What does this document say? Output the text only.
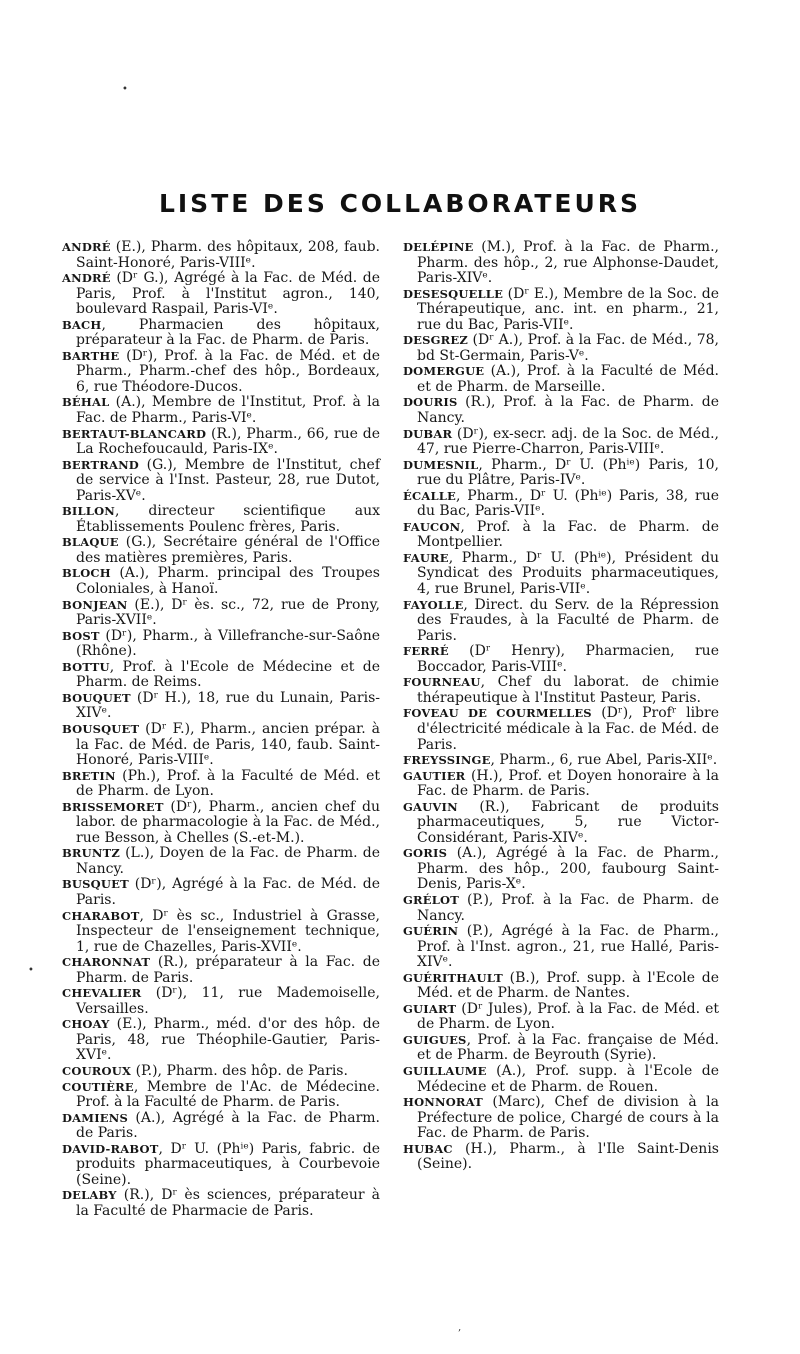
•
•
‚
LISTE DES COLLABORATEURS

ANDRÉ (E.), Pharm. des hôpitaux, 208, faub. Saint-Honoré, Paris-VIIIᵉ.

ANDRÉ (Dʳ G.), Agrégé à la Fac. de Méd. de Paris, Prof. à l'Institut agron., 140, boulevard Raspail, Paris-VIᵉ.

BACH, Pharmacien des hôpitaux, préparateur à la Fac. de Pharm. de Paris.

BARTHE (Dʳ), Prof. à la Fac. de Méd. et de Pharm., Pharm.-chef des hôp., Bordeaux, 6, rue Théodore-Ducos.

BÉHAL (A.), Membre de l'Institut, Prof. à la Fac. de Pharm., Paris-VIᵉ.

BERTAUT-BLANCARD (R.), Pharm., 66, rue de La Rochefoucauld, Paris-IXᵉ.

BERTRAND (G.), Membre de l'Institut, chef de service à l'Inst. Pasteur, 28, rue Dutot, Paris-XVᵉ.

BILLON, directeur scientifique aux Établissements Poulenc frères, Paris.

BLAQUE (G.), Secrétaire général de l'Office des matières premières, Paris.

BLOCH (A.), Pharm. principal des Troupes Coloniales, à Hanoï.

BONJEAN (E.), Dʳ ès. sc., 72, rue de Prony, Paris-XVIIᵉ.

BOST (Dʳ), Pharm., à Villefranche-sur-Saône (Rhône).

BOTTU, Prof. à l'Ecole de Médecine et de Pharm. de Reims.

BOUQUET (Dʳ H.), 18, rue du Lunain, Paris-XIVᵉ.

BOUSQUET (Dʳ F.), Pharm., ancien prépar. à la Fac. de Méd. de Paris, 140, faub. Saint-Honoré, Paris-VIIIᵉ.

BRETIN (Ph.), Prof. à la Faculté de Méd. et de Pharm. de Lyon.

BRISSEMORET (Dʳ), Pharm., ancien chef du labor. de pharmacologie à la Fac. de Méd., rue Besson, à Chelles (S.-et-M.).

BRUNTZ (L.), Doyen de la Fac. de Pharm. de Nancy.

BUSQUET (Dʳ), Agrégé à la Fac. de Méd. de Paris.

CHARABOT, Dʳ ès sc., Industriel à Grasse, Inspecteur de l'enseignement technique, 1, rue de Chazelles, Paris-XVIIᵉ.

CHARONNAT (R.), préparateur à la Fac. de Pharm. de Paris.

CHEVALIER (Dʳ), 11, rue Mademoiselle, Versailles.

CHOAY (E.), Pharm., méd. d'or des hôp. de Paris, 48, rue Théophile-Gautier, Paris-XVIᵉ.

COUROUX (P.), Pharm. des hôp. de Paris.

COUTIÈRE, Membre de l'Ac. de Médecine. Prof. à la Faculté de Pharm. de Paris.

DAMIENS (A.), Agrégé à la Fac. de Pharm. de Paris.

DAVID-RABOT, Dʳ U. (Phⁱᵉ) Paris, fabric. de produits pharmaceutiques, à Courbevoie (Seine).

DELABY (R.), Dʳ ès sciences, préparateur à la Faculté de Pharmacie de Paris.

DELÉPINE (M.), Prof. à la Fac. de Pharm., Pharm. des hôp., 2, rue Alphonse-Daudet, Paris-XIVᵉ.

DESESQUELLE (Dʳ E.), Membre de la Soc. de Thérapeutique, anc. int. en pharm., 21, rue du Bac, Paris-VIIᵉ.

DESGREZ (Dʳ A.), Prof. à la Fac. de Méd., 78, bd St-Germain, Paris-Vᵉ.

DOMERGUE (A.), Prof. à la Faculté de Méd. et de Pharm. de Marseille.

DOURIS (R.), Prof. à la Fac. de Pharm. de Nancy.

DUBAR (Dʳ), ex-secr. adj. de la Soc. de Méd., 47, rue Pierre-Charron, Paris-VIIIᵉ.

DUMESNIL, Pharm., Dʳ U. (Phⁱᵉ) Paris, 10, rue du Plâtre, Paris-IVᵉ.

ÉCALLE, Pharm., Dʳ U. (Phⁱᵉ) Paris, 38, rue du Bac, Paris-VIIᵉ.

FAUCON, Prof. à la Fac. de Pharm. de Montpellier.

FAURE, Pharm., Dʳ U. (Phⁱᵉ), Président du Syndicat des Produits pharmaceutiques, 4, rue Brunel, Paris-VIIᵉ.

FAYOLLE, Direct. du Serv. de la Répression des Fraudes, à la Faculté de Pharm. de Paris.

FERRÉ (Dʳ Henry), Pharmacien, rue Boccador, Paris-VIIIᵉ.

FOURNEAU, Chef du laborat. de chimie thérapeutique à l'Institut Pasteur, Paris.

FOVEAU DE COURMELLES (Dʳ), Profʳ libre d'électricité médicale à la Fac. de Méd. de Paris.

FREYSSINGE, Pharm., 6, rue Abel, Paris-XIIᵉ.

GAUTIER (H.), Prof. et Doyen honoraire à la Fac. de Pharm. de Paris.

GAUVIN (R.), Fabricant de produits pharmaceutiques, 5, rue Victor-Considérant, Paris-XIVᵉ.

GORIS (A.), Agrégé à la Fac. de Pharm., Pharm. des hôp., 200, faubourg Saint-Denis, Paris-Xᵉ.

GRÉLOT (P.), Prof. à la Fac. de Pharm. de Nancy.

GUÉRIN (P.), Agrégé à la Fac. de Pharm., Prof. à l'Inst. agron., 21, rue Hallé, Paris-XIVᵉ.

GUÉRITHAULT (B.), Prof. supp. à l'Ecole de Méd. et de Pharm. de Nantes.

GUIART (Dʳ Jules), Prof. à la Fac. de Méd. et de Pharm. de Lyon.

GUIGUES, Prof. à la Fac. française de Méd. et de Pharm. de Beyrouth (Syrie).

GUILLAUME (A.), Prof. supp. à l'Ecole de Médecine et de Pharm. de Rouen.

HONNORAT (Marc), Chef de division à la Préfecture de police, Chargé de cours à la Fac. de Pharm. de Paris.

HUBAC (H.), Pharm., à l'Ile Saint-Denis (Seine).
